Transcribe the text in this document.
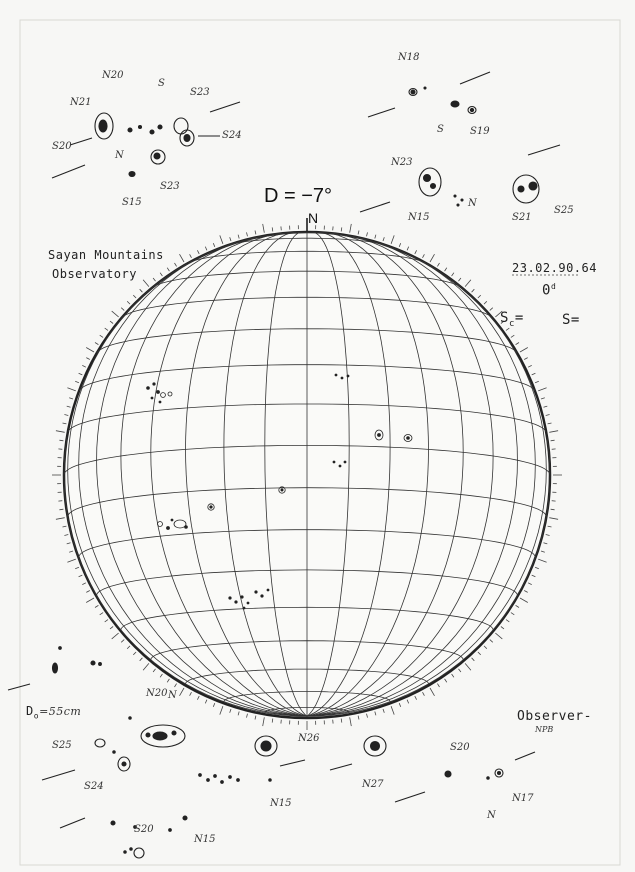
D = −7°
N
Sayan Mountains
Observatory	23.02.90.64
0$^d$
$S_c=$	S=
$D_o=55cm$	Observer-
NPB
N20
N21
S23
S
S20
S24
N
S23
S15
N18
S19
S
N23
N15
N
S21
S25
N20 N
S25
S24
N15
N15
S20
N26
N27
S20
N17
N
